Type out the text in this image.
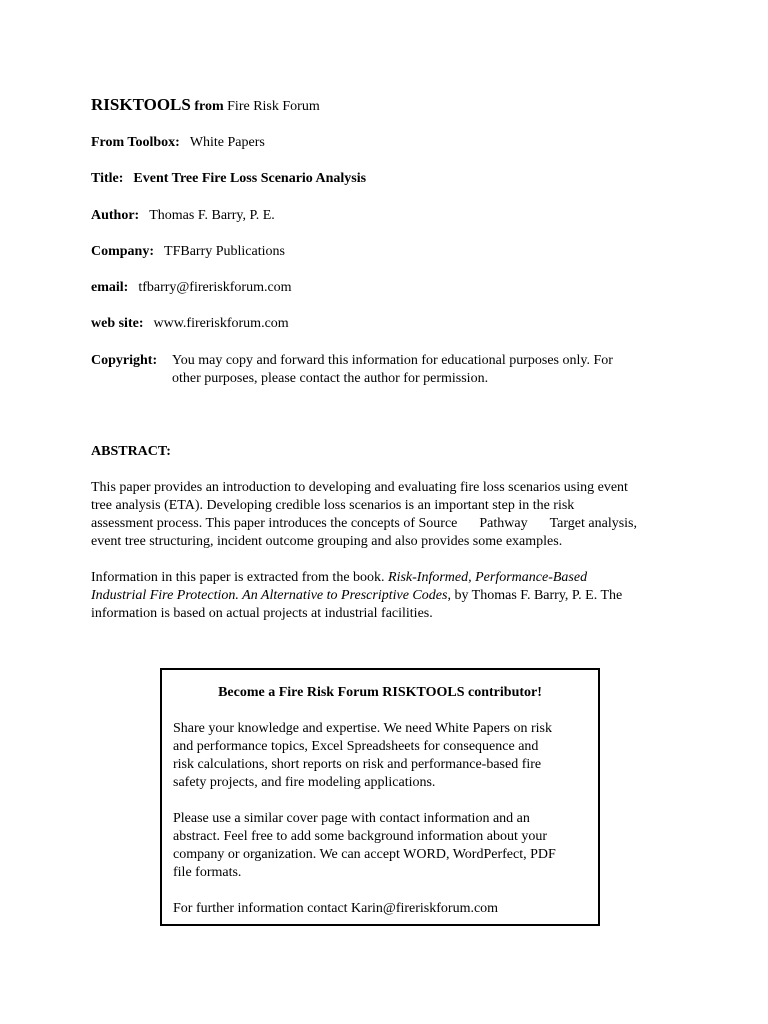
RISKTOOLS from Fire Risk Forum
From Toolbox: White Papers
Title: Event Tree Fire Loss Scenario Analysis
Author: Thomas F. Barry, P. E.
Company: TFBarry Publications
email: tfbarry@fireriskforum.com
web site: www.fireriskforum.com
Copyright: You may copy and forward this information for educational purposes only. For
other purposes, please contact the author for permission.
ABSTRACT:
This paper provides an introduction to developing and evaluating fire loss scenarios using event
tree analysis (ETA). Developing credible loss scenarios is an important step in the risk
assessment process. This paper introduces the concepts of Source Pathway Target analysis,
event tree structuring, incident outcome grouping and also provides some examples.
Information in this paper is extracted from the book. Risk-Informed, Performance-Based
Industrial Fire Protection. An Alternative to Prescriptive Codes, by Thomas F. Barry, P. E. The
information is based on actual projects at industrial facilities.
Become a Fire Risk Forum RISKTOOLS contributor!
Share your knowledge and expertise. We need White Papers on risk
and performance topics, Excel Spreadsheets for consequence and
risk calculations, short reports on risk and performance-based fire
safety projects, and fire modeling applications.
Please use a similar cover page with contact information and an
abstract. Feel free to add some background information about your
company or organization. We can accept WORD, WordPerfect, PDF
file formats.
For further information contact Karin@fireriskforum.com
